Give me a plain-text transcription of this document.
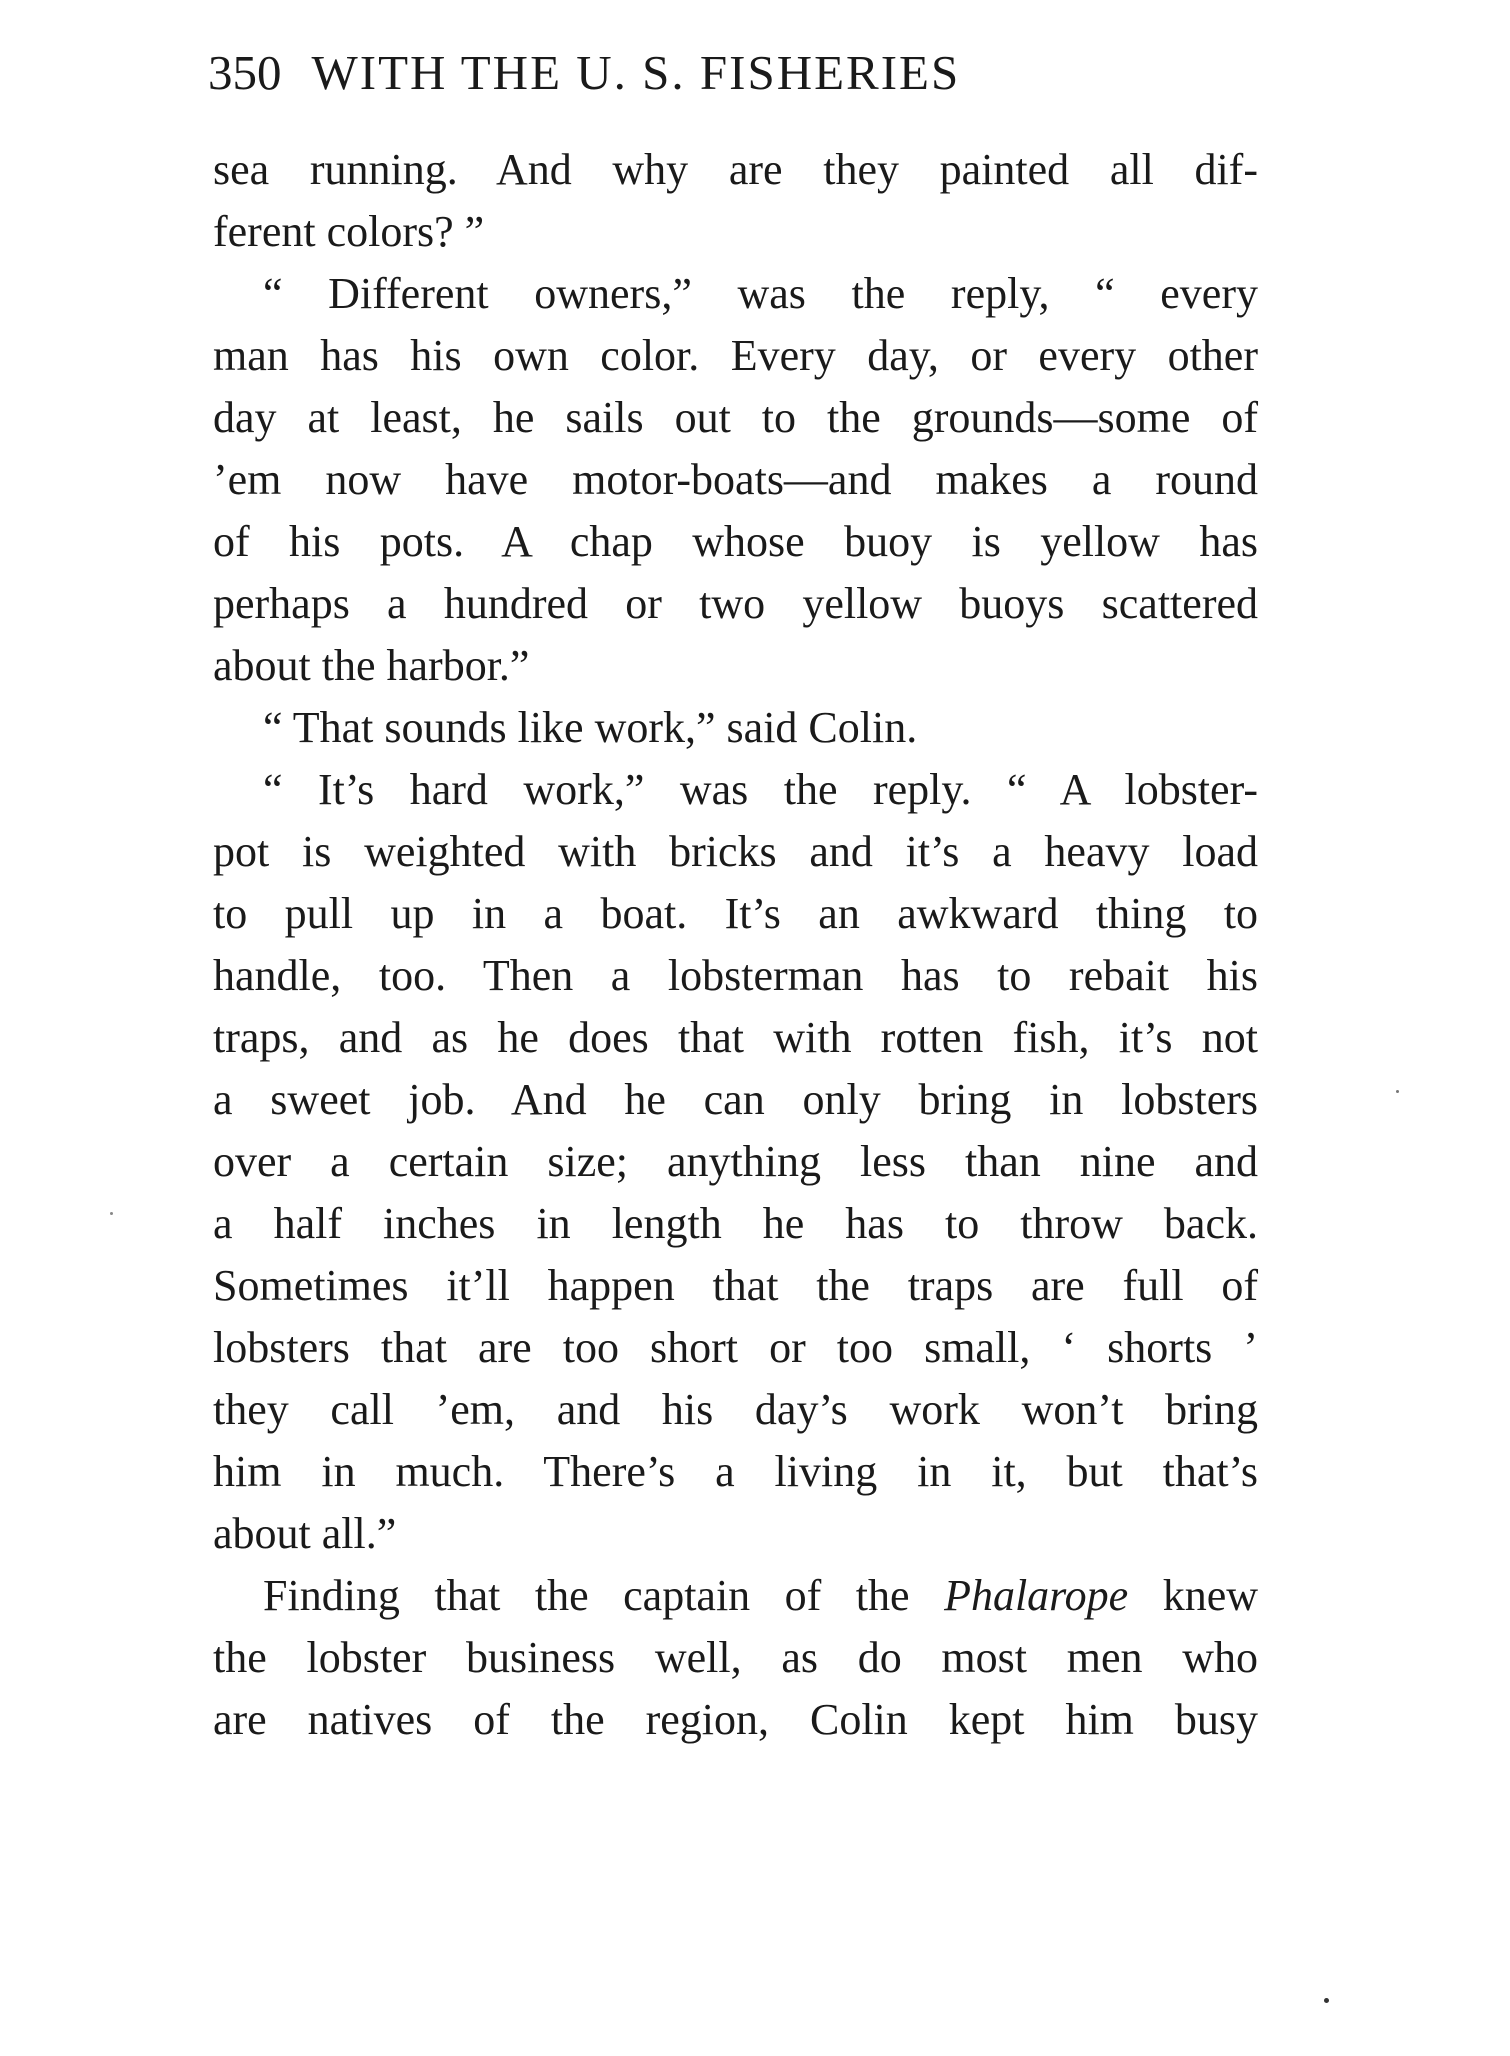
350 WITH THE U. S. FISHERIES
sea running. And why are they painted all dif-
ferent colors? ”
“ Different owners,” was the reply, “ every
man has his own color. Every day, or every other
day at least, he sails out to the grounds—some of
’em now have motor-boats—and makes a round
of his pots. A chap whose buoy is yellow has
perhaps a hundred or two yellow buoys scattered
about the harbor.”
“ That sounds like work,” said Colin.
“ It’s hard work,” was the reply. “ A lobster-
pot is weighted with bricks and it’s a heavy load
to pull up in a boat. It’s an awkward thing to
handle, too. Then a lobsterman has to rebait his
traps, and as he does that with rotten fish, it’s not
a sweet job. And he can only bring in lobsters
over a certain size; anything less than nine and
a half inches in length he has to throw back.
Sometimes it’ll happen that the traps are full of
lobsters that are too short or too small, ‘ shorts ’
they call ’em, and his day’s work won’t bring
him in much. There’s a living in it, but that’s
about all.”
Finding that the captain of the Phalarope knew
the lobster business well, as do most men who
are natives of the region, Colin kept him busy
